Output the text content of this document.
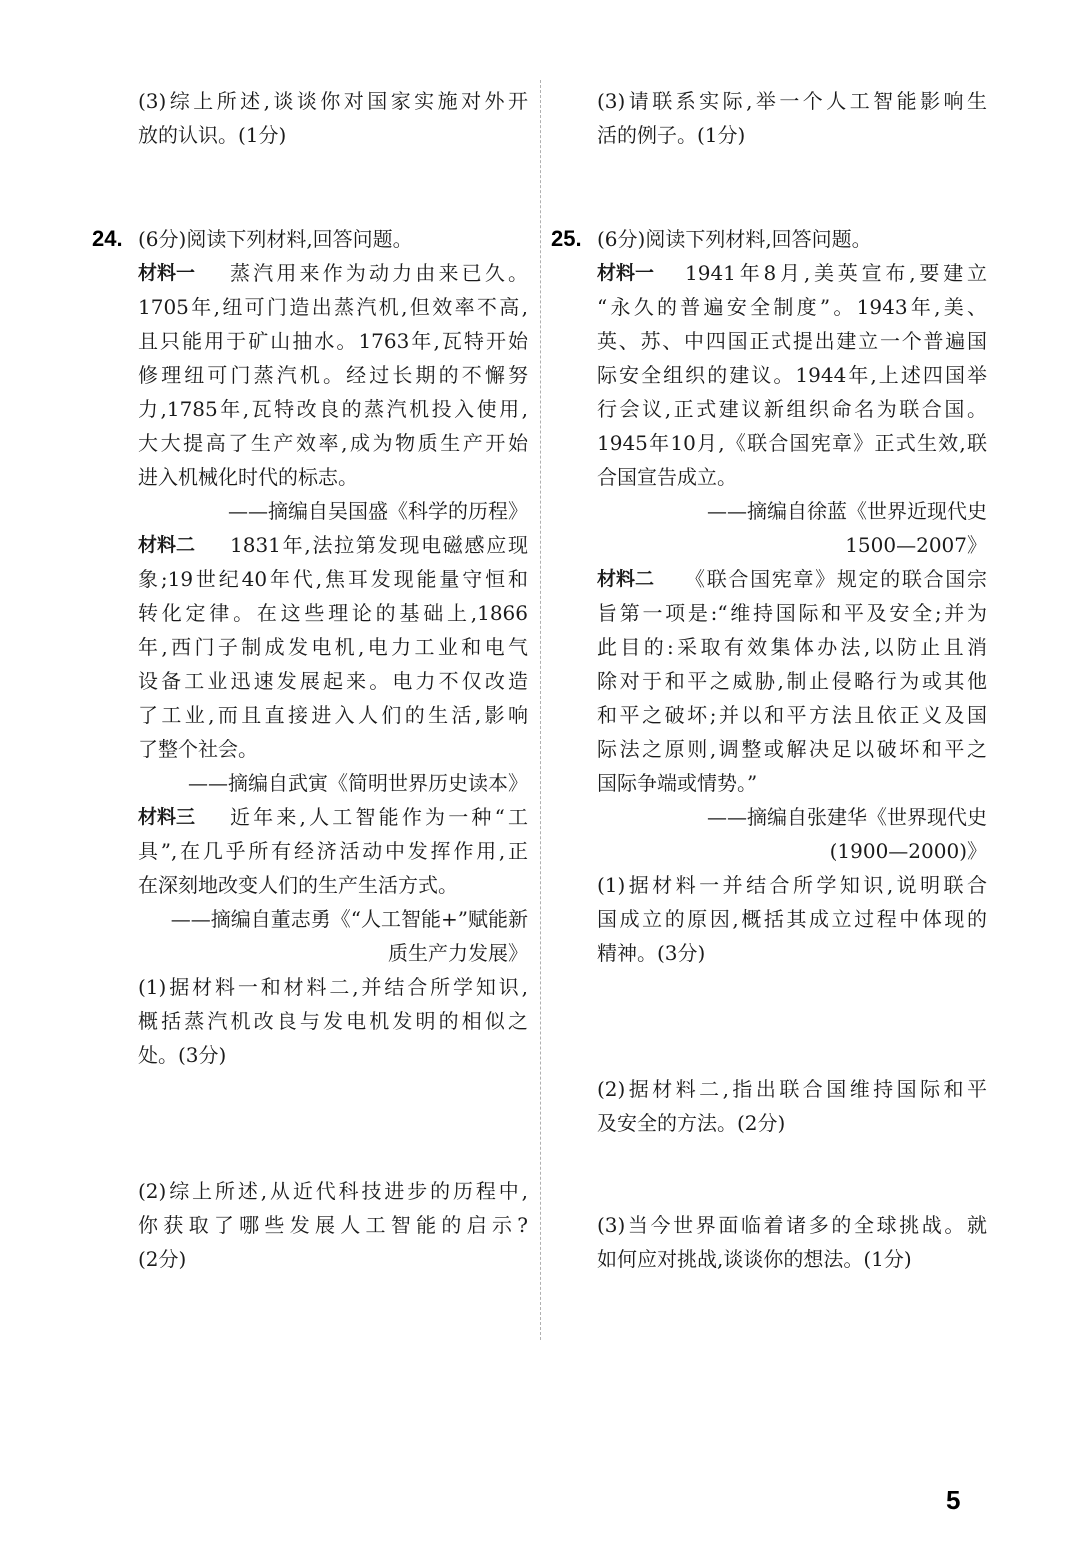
(3)综上所述,谈谈你对国家实施对外开
放的认识。(1分)
24. (6分)阅读下列材料,回答问题。
材料一	蒸汽用来作为动力由来已久。
1705年,纽可门造出蒸汽机,但效率不高,
且只能用于矿山抽水。1763年,瓦特开始
修理纽可门蒸汽机。经过长期的不懈努
力,1785年,瓦特改良的蒸汽机投入使用,
大大提高了生产效率,成为物质生产开始
进入机械化时代的标志。
——摘编自吴国盛《科学的历程》
材料二	1831年,法拉第发现电磁感应现
象;19世纪40年代,焦耳发现能量守恒和
转化定律。在这些理论的基础上,1866
年,西门子制成发电机,电力工业和电气
设备工业迅速发展起来。电力不仅改造
了工业,而且直接进入人们的生活,影响
了整个社会。
——摘编自武寅《简明世界历史读本》
材料三	近年来,人工智能作为一种“工
具”,在几乎所有经济活动中发挥作用,正
在深刻地改变人们的生产生活方式。
——摘编自董志勇《“人工智能+”赋能新
质生产力发展》
(1)据材料一和材料二,并结合所学知识,
概括蒸汽机改良与发电机发明的相似之
处。(3分)
(2)综上所述,从近代科技进步的历程中,
你获取了哪些发展人工智能的启示?
(2分)
(3)请联系实际,举一个人工智能影响生
活的例子。(1分)
25. (6分)阅读下列材料,回答问题。
材料一	1941年8月,美英宣布,要建立
“永久的普遍安全制度”。1943年,美、
英、苏、中四国正式提出建立一个普遍国
际安全组织的建议。1944年,上述四国举
行会议,正式建议新组织命名为联合国。
1945年10月,《联合国宪章》正式生效,联
合国宣告成立。
——摘编自徐蓝《世界近现代史
1500—2007》
材料二	《联合国宪章》规定的联合国宗
旨第一项是:“维持国际和平及安全;并为
此目的:采取有效集体办法,以防止且消
除对于和平之威胁,制止侵略行为或其他
和平之破坏;并以和平方法且依正义及国
际法之原则,调整或解决足以破坏和平之
国际争端或情势。”
——摘编自张建华《世界现代史
(1900—2000)》
(1)据材料一并结合所学知识,说明联合
国成立的原因,概括其成立过程中体现的
精神。(3分)
(2)据材料二,指出联合国维持国际和平
及安全的方法。(2分)
(3)当今世界面临着诸多的全球挑战。就
如何应对挑战,谈谈你的想法。(1分)
5
